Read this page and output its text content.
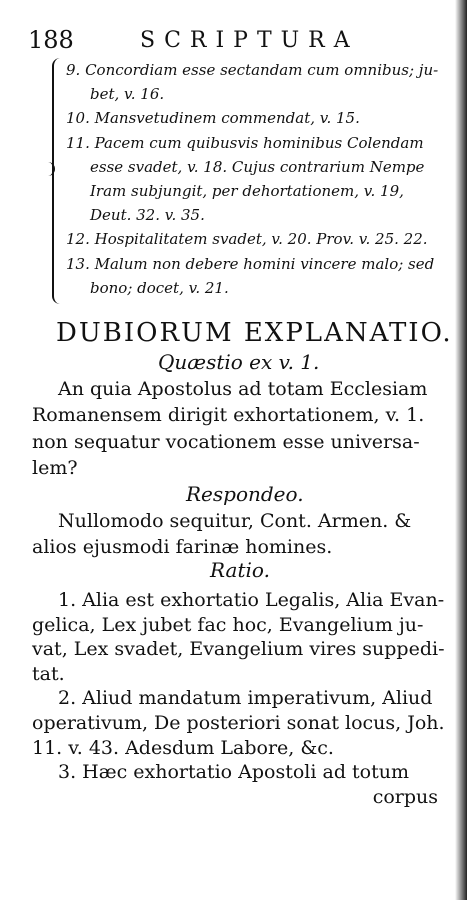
188	SCRIPTURA
9. Concordiam esse sectandam cum omnibus; ju-
bet, v. 16.
10. Mansvetudinem commendat, v. 15.
11. Pacem cum quibusvis hominibus Colendam
esse svadet, v. 18. Cujus contrarium Nempe
Iram subjungit, per dehortationem, v. 19,
Deut. 32. v. 35.
12. Hospitalitatem svadet, v. 20. Prov. v. 25. 22.
13. Malum non debere homini vincere malo; sed
bono; docet, v. 21.
DUBIORUM EXPLANATIO.
Quæstio ex v. 1.
An quia Apostolus ad totam Ecclesiam
Romanensem dirigit exhortationem, v. 1.
non sequatur vocationem esse universa-
lem?
Respondeo.
Nullomodo sequitur, Cont. Armen. &
alios ejusmodi farinæ homines.
Ratio.
1. Alia est exhortatio Legalis, Alia Evan-
gelica, Lex jubet fac hoc, Evangelium ju-
vat, Lex svadet, Evangelium vires suppedi-
tat.
2. Aliud mandatum imperativum, Aliud
operativum, De posteriori sonat locus, Joh.
11. v. 43. Adesdum Labore, &c.
3. Hæc exhortatio Apostoli ad totum
corpus
